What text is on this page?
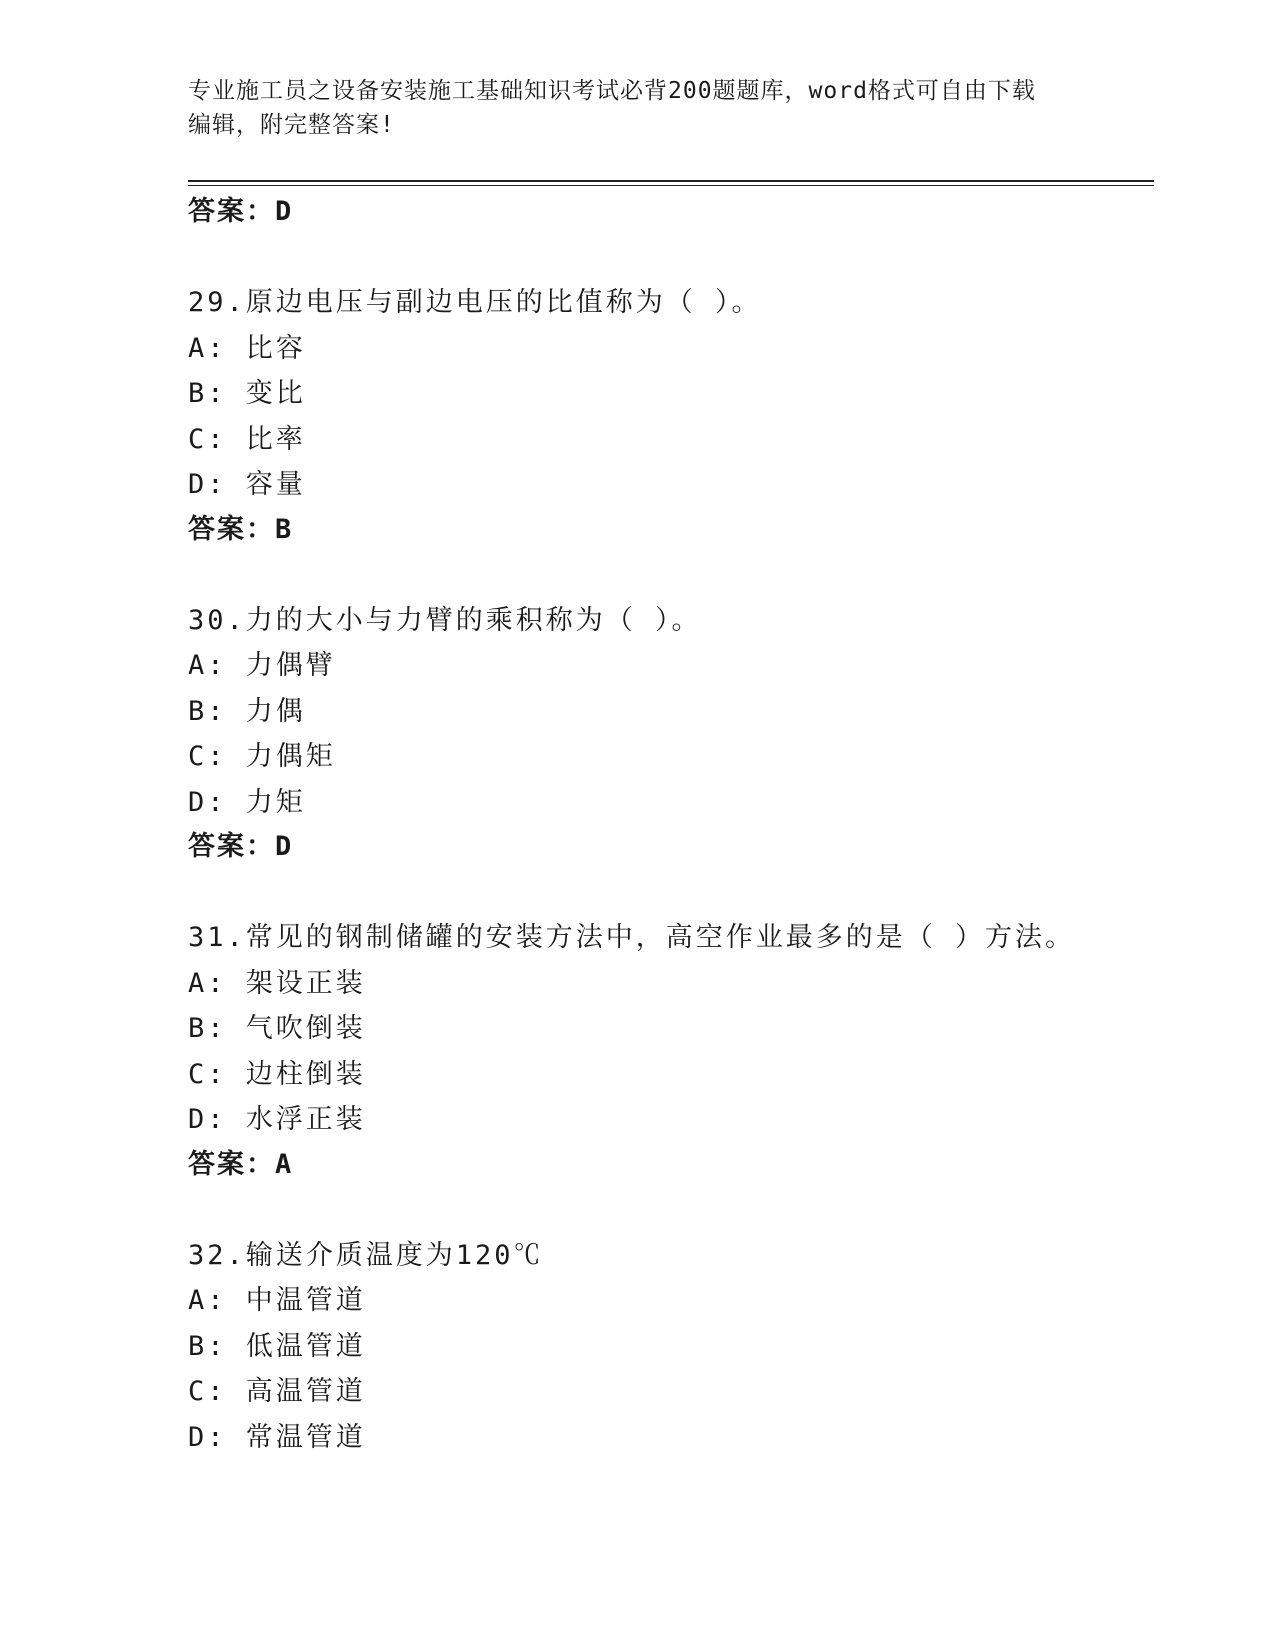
专业施工员之设备安装施工基础知识考试必背200题题库，word格式可自由下载
编辑，附完整答案!
答案：D
29.原边电压与副边电压的比值称为（ ）。
A: 比容
B: 变比
C: 比率
D: 容量
答案：B
30.力的大小与力臂的乘积称为（ ）。
A: 力偶臂
B: 力偶
C: 力偶矩
D: 力矩
答案：D
31.常见的钢制储罐的安装方法中，高空作业最多的是（ ）方法。
A: 架设正装
B: 气吹倒装
C: 边柱倒装
D: 水浮正装
答案：A
32.输送介质温度为120℃
A: 中温管道
B: 低温管道
C: 高温管道
D: 常温管道
